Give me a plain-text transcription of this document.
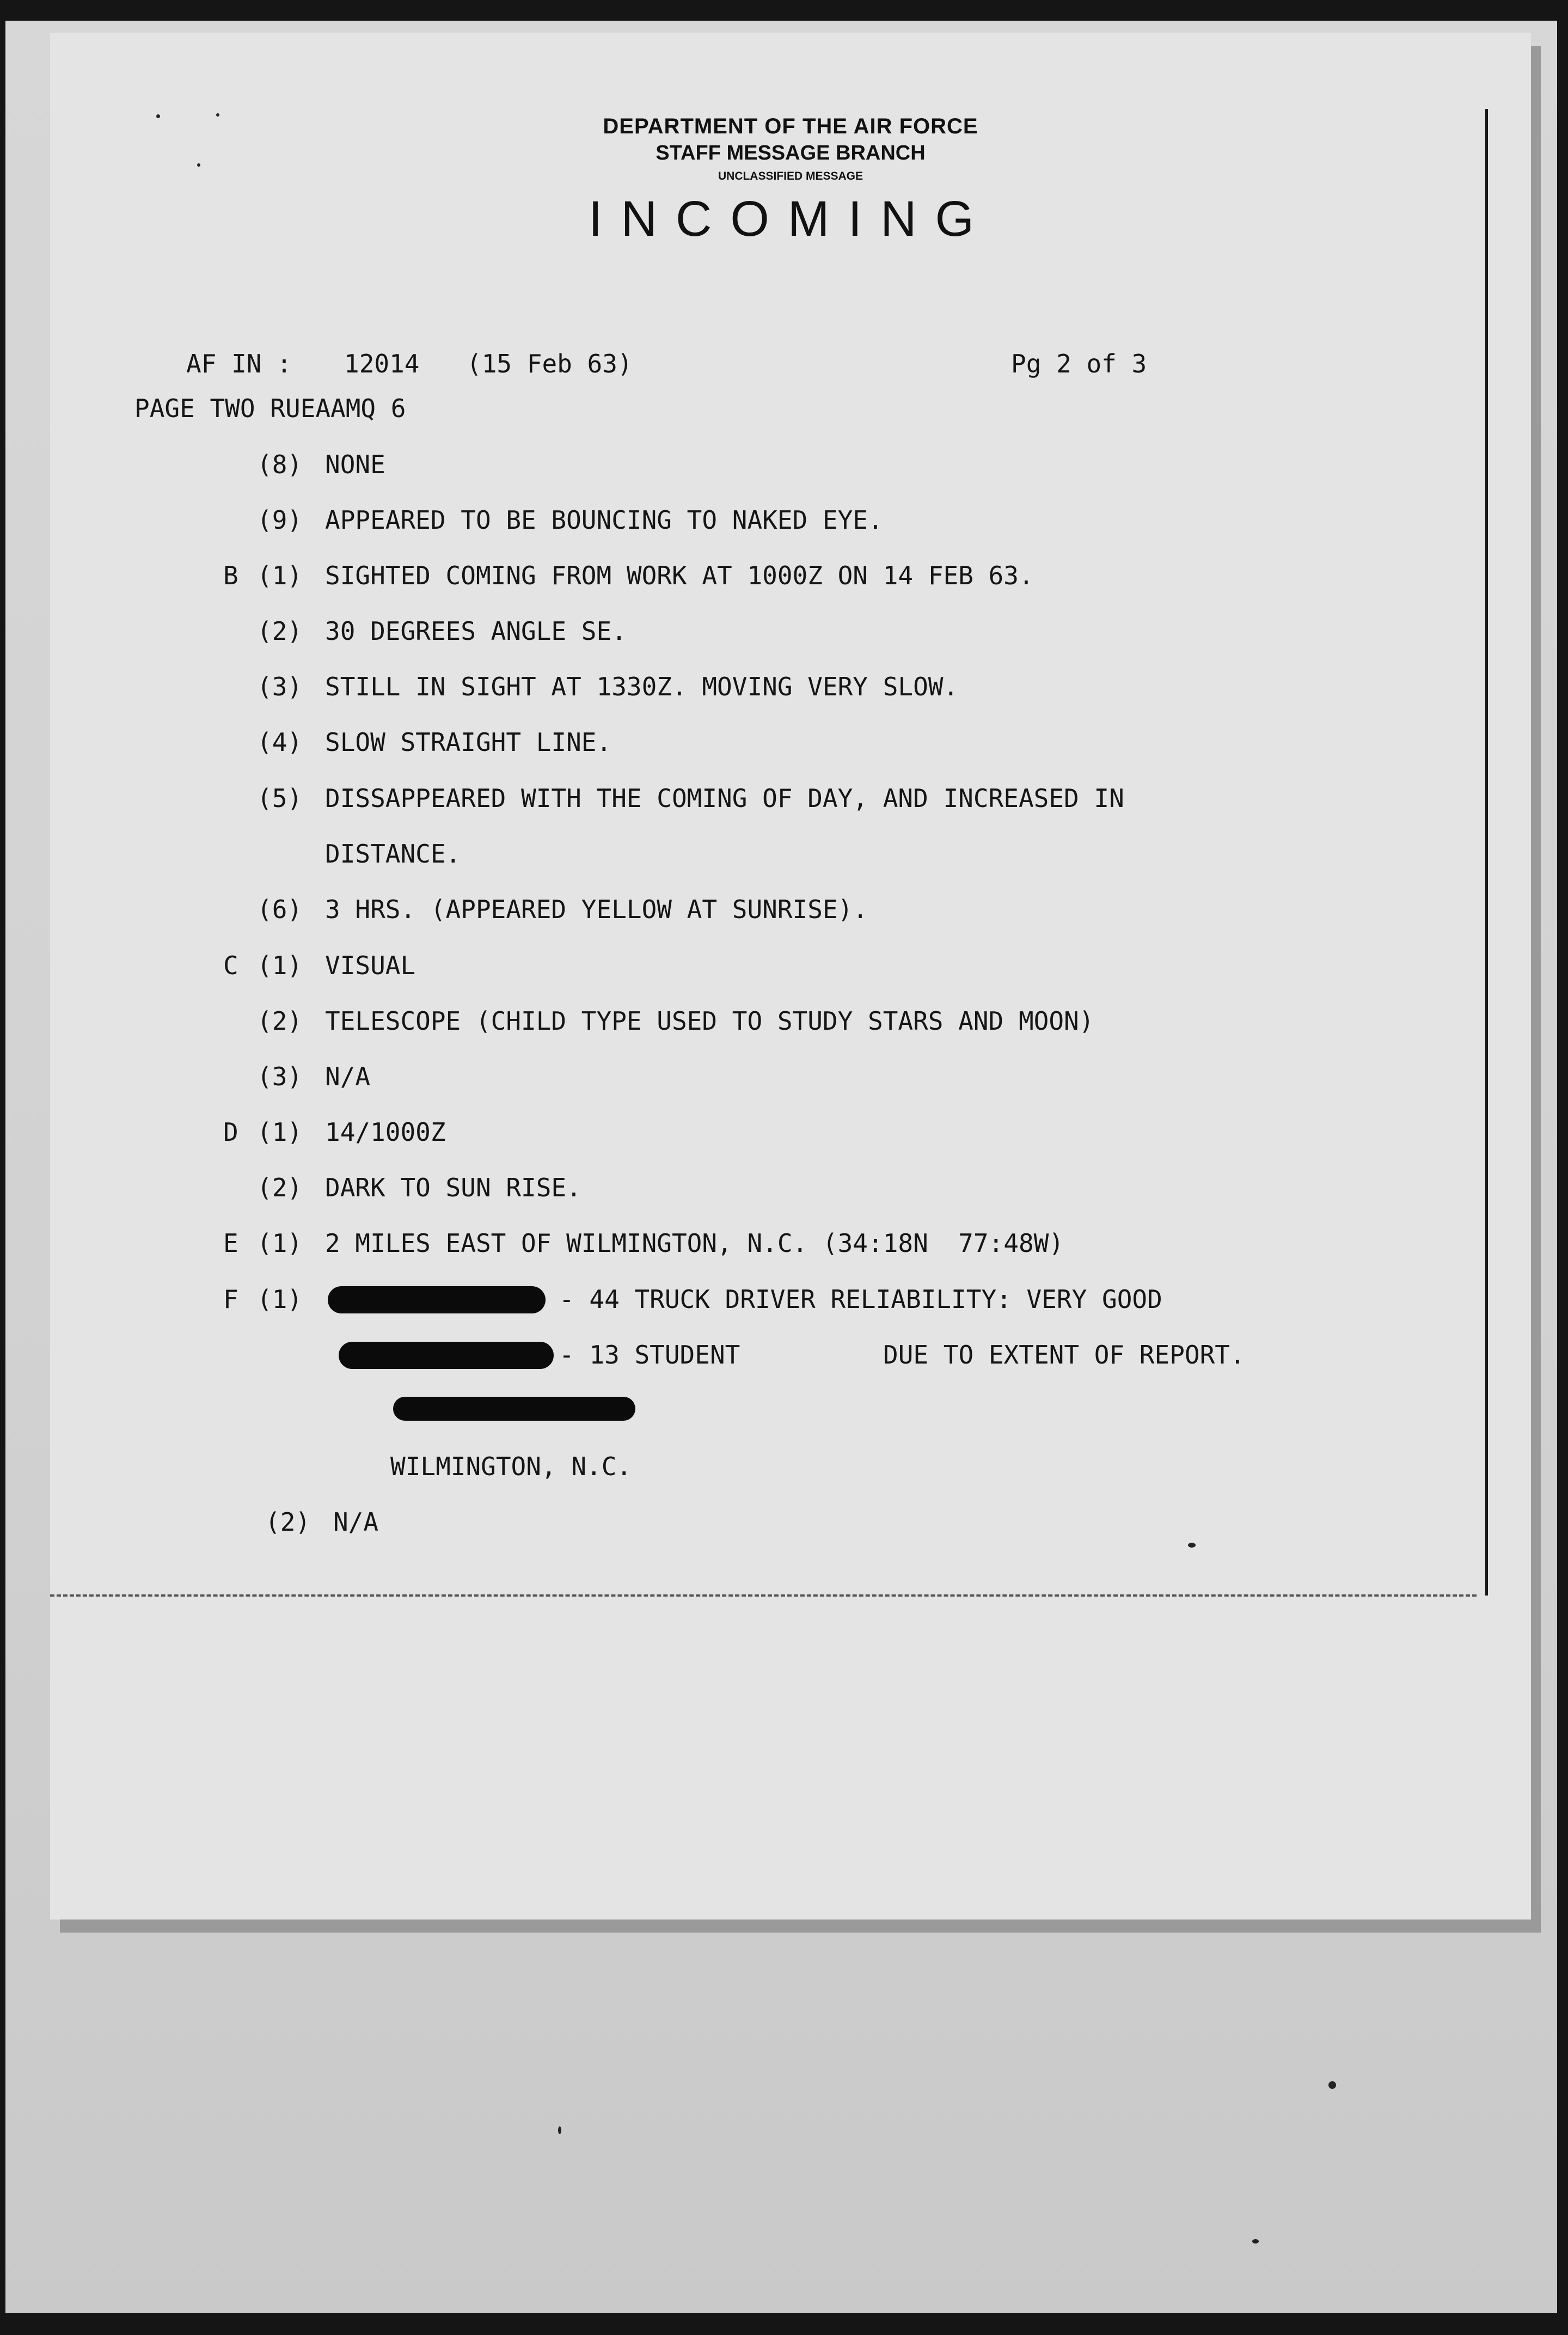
DEPARTMENT OF THE AIR FORCE
STAFF MESSAGE BRANCH
UNCLASSIFIED MESSAGE
INCOMING
AF IN : 12014 (15 Feb 63)	Pg 2 of 3
PAGE TWO RUEAAMQ 6
(8) NONE
(9) APPEARED TO BE BOUNCING TO NAKED EYE.
B (1) SIGHTED COMING FROM WORK AT 1000Z ON 14 FEB 63.
(2) 30 DEGREES ANGLE SE.
(3) STILL IN SIGHT AT 1330Z. MOVING VERY SLOW.
(4) SLOW STRAIGHT LINE.
(5) DISSAPPEARED WITH THE COMING OF DAY, AND INCREASED IN
DISTANCE.
(6) 3 HRS. (APPEARED YELLOW AT SUNRISE).
C (1) VISUAL
(2) TELESCOPE (CHILD TYPE USED TO STUDY STARS AND MOON)
(3) N/A
D (1) 14/1000Z
(2) DARK TO SUN RISE.
E (1) 2 MILES EAST OF WILMINGTON, N.C. (34:18N  77:48W)
F (1)	- 44 TRUCK DRIVER RELIABILITY: VERY GOOD
- 13 STUDENT	DUE TO EXTENT OF REPORT.
WILMINGTON, N.C.
(2) N/A
